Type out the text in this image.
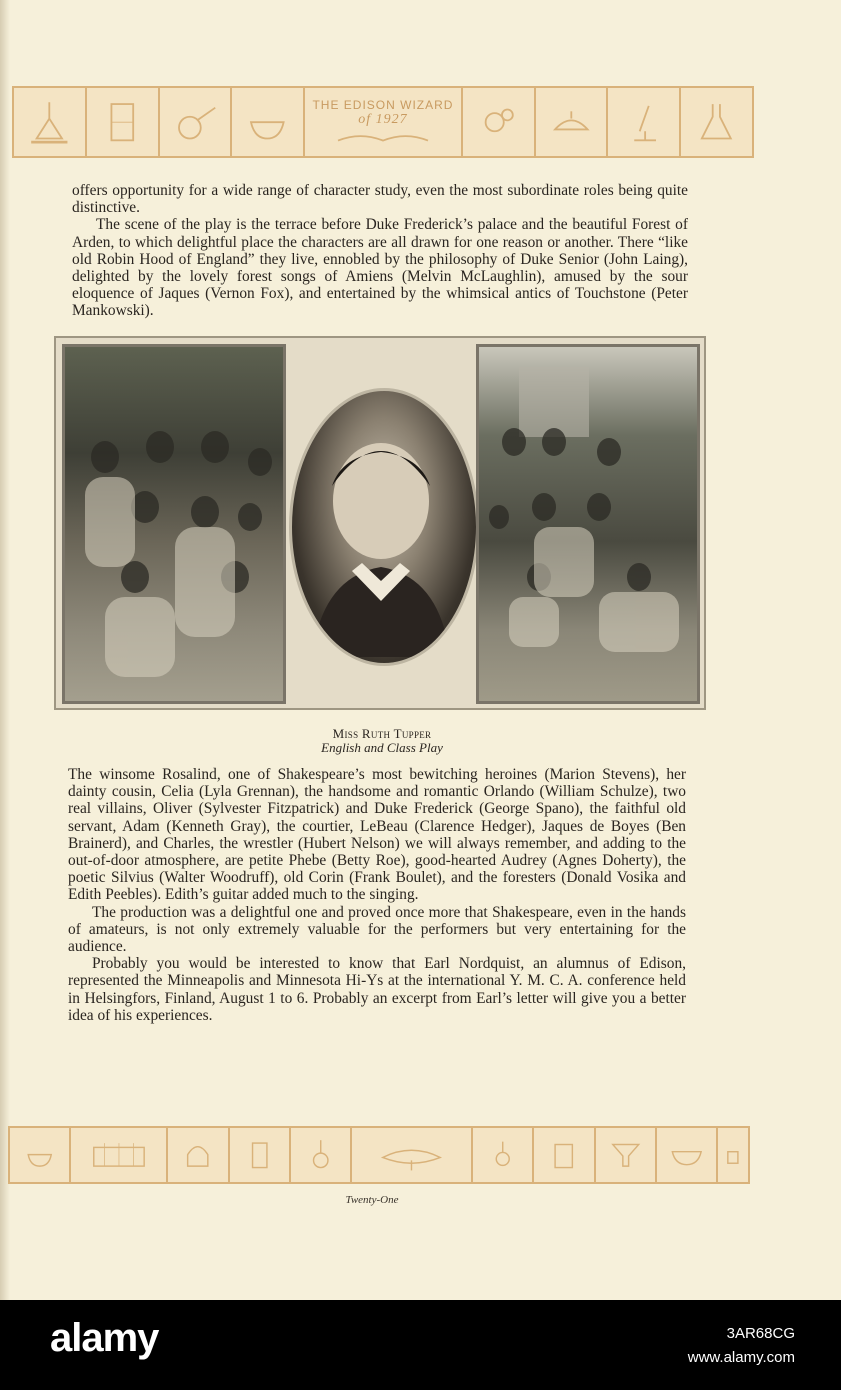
THE EDISON WIZARD
of 1927

offers opportunity for a wide range of character study, even the most subordinate roles being quite distinctive.

The scene of the play is the terrace before Duke Frederick’s palace and the beautiful Forest of Arden, to which delightful place the characters are all drawn for one reason or another. There “like old Robin Hood of England” they live, ennobled by the philosophy of Duke Senior (John Laing), delighted by the lovely forest songs of Amiens (Melvin McLaughlin), amused by the sour eloquence of Jaques (Vernon Fox), and entertained by the whimsical antics of Touchstone (Peter Mankowski).

Miss Ruth Tupper
English and Class Play

The winsome Rosalind, one of Shakespeare’s most bewitching heroines (Marion Stevens), her dainty cousin, Celia (Lyla Grennan), the handsome and romantic Orlando (William Schulze), two real villains, Oliver (Sylvester Fitzpatrick) and Duke Frederick (George Spano), the faithful old servant, Adam (Kenneth Gray), the courtier, LeBeau (Clarence Hedger), Jaques de Boyes (Ben Brainerd), and Charles, the wrestler (Hubert Nelson) we will always remember, and adding to the out-of-door atmosphere, are petite Phebe (Betty Roe), good-hearted Audrey (Agnes Doherty), the poetic Silvius (Walter Woodruff), old Corin (Frank Boulet), and the foresters (Donald Vosika and Edith Peebles). Edith’s guitar added much to the singing.

The production was a delightful one and proved once more that Shakespeare, even in the hands of amateurs, is not only extremely valuable for the performers but very entertaining for the audience.

Probably you would be interested to know that Earl Nordquist, an alumnus of Edison, represented the Minneapolis and Minnesota Hi-Ys at the international Y. M. C. A. conference held in Helsingfors, Finland, August 1 to 6. Probably an excerpt from Earl’s letter will give you a better idea of his experiences.

Twenty-One
alamy	3AR68CG
www.alamy.com
